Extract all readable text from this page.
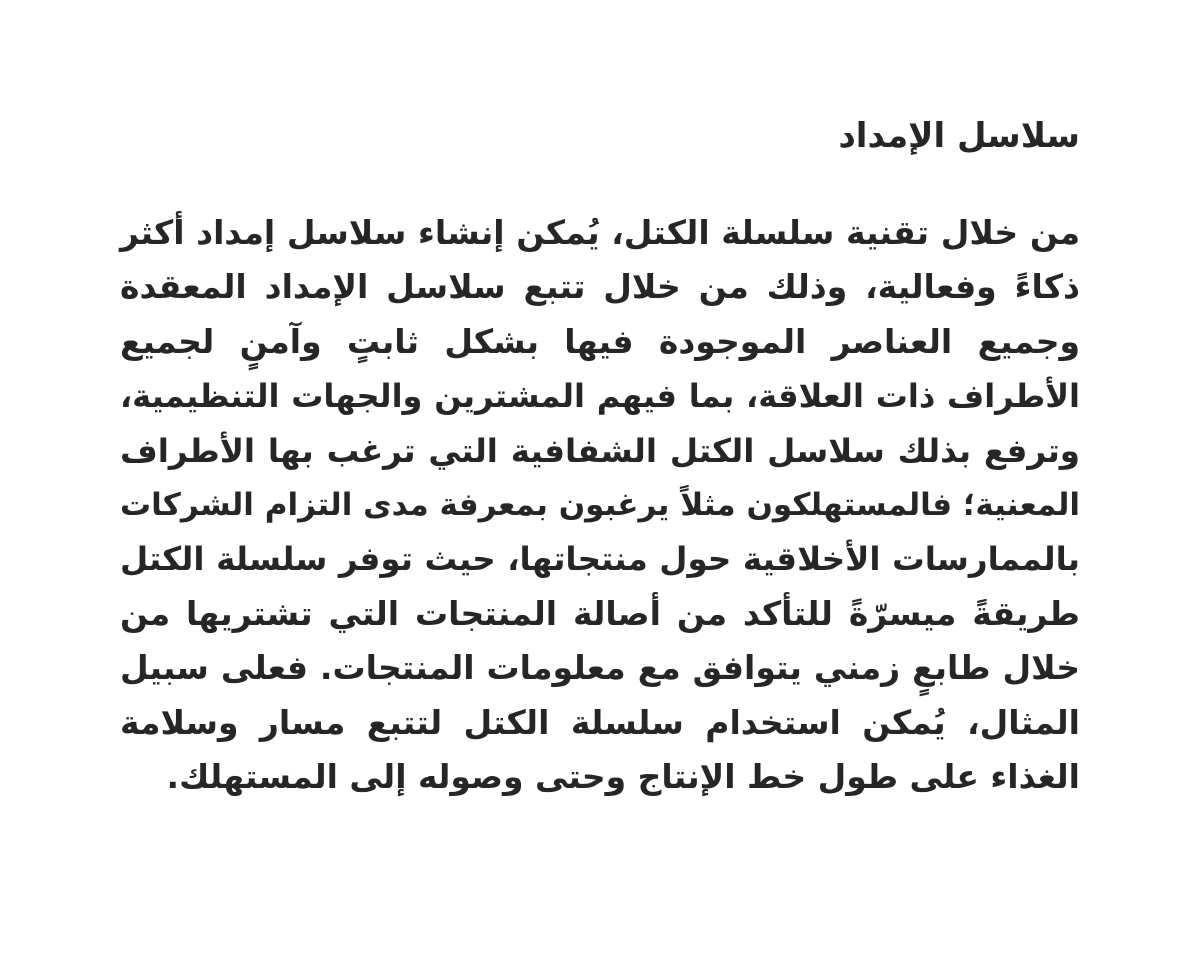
سلاسل الإمداد
من خلال تقنية سلسلة الكتل، يُمكن إنشاء سلاسل إمداد أكثر
ذكاءً وفعالية، وذلك من خلال تتبع سلاسل الإمداد المعقدة
وجميع العناصر الموجودة فيها بشكل ثابتٍ وآمنٍ لجميع
الأطراف ذات العلاقة، بما فيهم المشترين والجهات التنظيمية،
وترفع بذلك سلاسل الكتل الشفافية التي ترغب بها الأطراف
المعنية؛ فالمستهلكون مثلاً يرغبون بمعرفة مدى التزام الشركات
بالممارسات الأخلاقية حول منتجاتها، حيث توفر سلسلة الكتل
طريقةً ميسرّةً للتأكد من أصالة المنتجات التي تشتريها من
خلال طابعٍ زمني يتوافق مع معلومات المنتجات. فعلى سبيل
المثال، يُمكن استخدام سلسلة الكتل لتتبع مسار وسلامة
الغذاء على طول خط الإنتاج وحتى وصوله إلى المستهلك.
